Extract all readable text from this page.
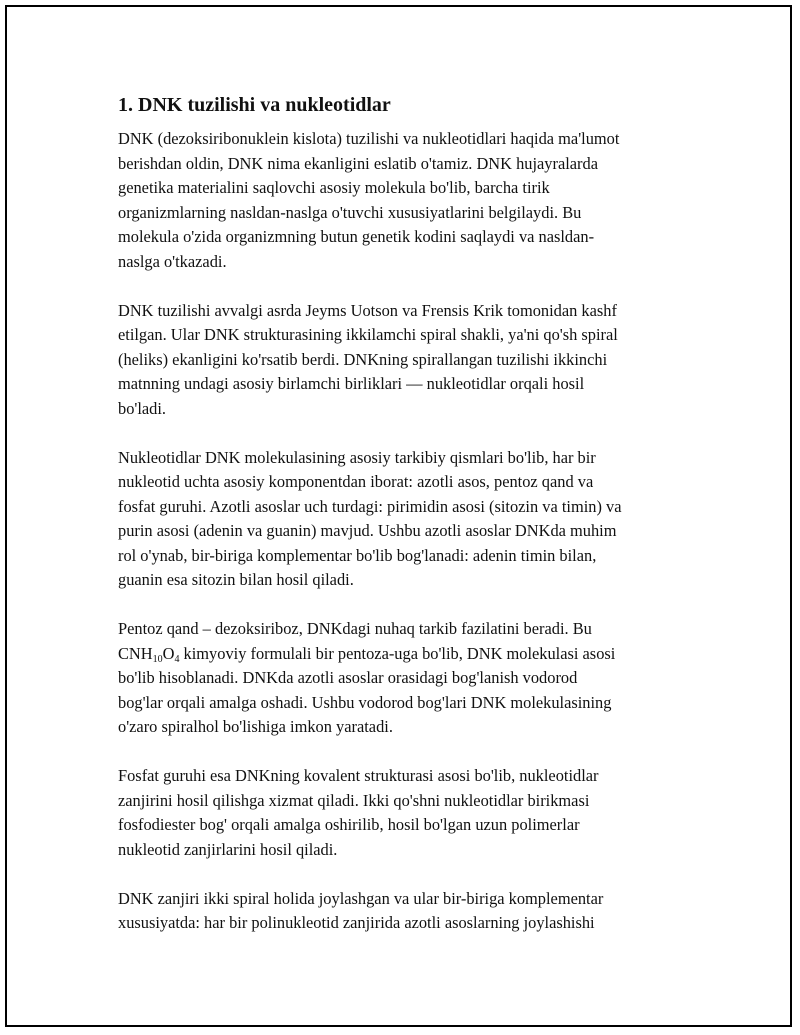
1. DNK tuzilishi va nukleotidlar

DNK (dezoksiribonuklein kislota) tuzilishi va nukleotidlari haqida ma'lumot
berishdan oldin, DNK nima ekanligini eslatib o'tamiz. DNK hujayralarda
genetika materialini saqlovchi asosiy molekula bo'lib, barcha tirik
organizmlarning nasldan-naslga o'tuvchi xususiyatlarini belgilaydi. Bu
molekula o'zida organizmning butun genetik kodini saqlaydi va nasldan-
naslga o'tkazadi.

DNK tuzilishi avvalgi asrda Jeyms Uotson va Frensis Krik tomonidan kashf
etilgan. Ular DNK strukturasining ikkilamchi spiral shakli, ya'ni qo'sh spiral
(heliks) ekanligini ko'rsatib berdi. DNKning spirallangan tuzilishi ikkinchi
matnning undagi asosiy birlamchi birliklari — nukleotidlar orqali hosil
bo'ladi.

Nukleotidlar DNK molekulasining asosiy tarkibiy qismlari bo'lib, har bir
nukleotid uchta asosiy komponentdan iborat: azotli asos, pentoz qand va
fosfat guruhi. Azotli asoslar uch turdagi: pirimidin asosi (sitozin va timin) va
purin asosi (adenin va guanin) mavjud. Ushbu azotli asoslar DNKda muhim
rol o'ynab, bir-biriga komplementar bo'lib bog'lanadi: adenin timin bilan,
guanin esa sitozin bilan hosil qiladi.

Pentoz qand – dezoksiriboz, DNKdagi nuhaq tarkib fazilatini beradi. Bu
$CNH_{10}O_4$ kimyoviy formulali bir pentoza-uga bo'lib, DNK molekulasi asosi
bo'lib hisoblanadi. DNKda azotli asoslar orasidagi bog'lanish vodorod
bog'lar orqali amalga oshadi. Ushbu vodorod bog'lari DNK molekulasining
o'zaro spiralhol bo'lishiga imkon yaratadi.

Fosfat guruhi esa DNKning kovalent strukturasi asosi bo'lib, nukleotidlar
zanjirini hosil qilishga xizmat qiladi. Ikki qo'shni nukleotidlar birikmasi
fosfodiester bog' orqali amalga oshirilib, hosil bo'lgan uzun polimerlar
nukleotid zanjirlarini hosil qiladi.

DNK zanjiri ikki spiral holida joylashgan va ular bir-biriga komplementar
xususiyatda: har bir polinukleotid zanjirida azotli asoslarning joylashishi
